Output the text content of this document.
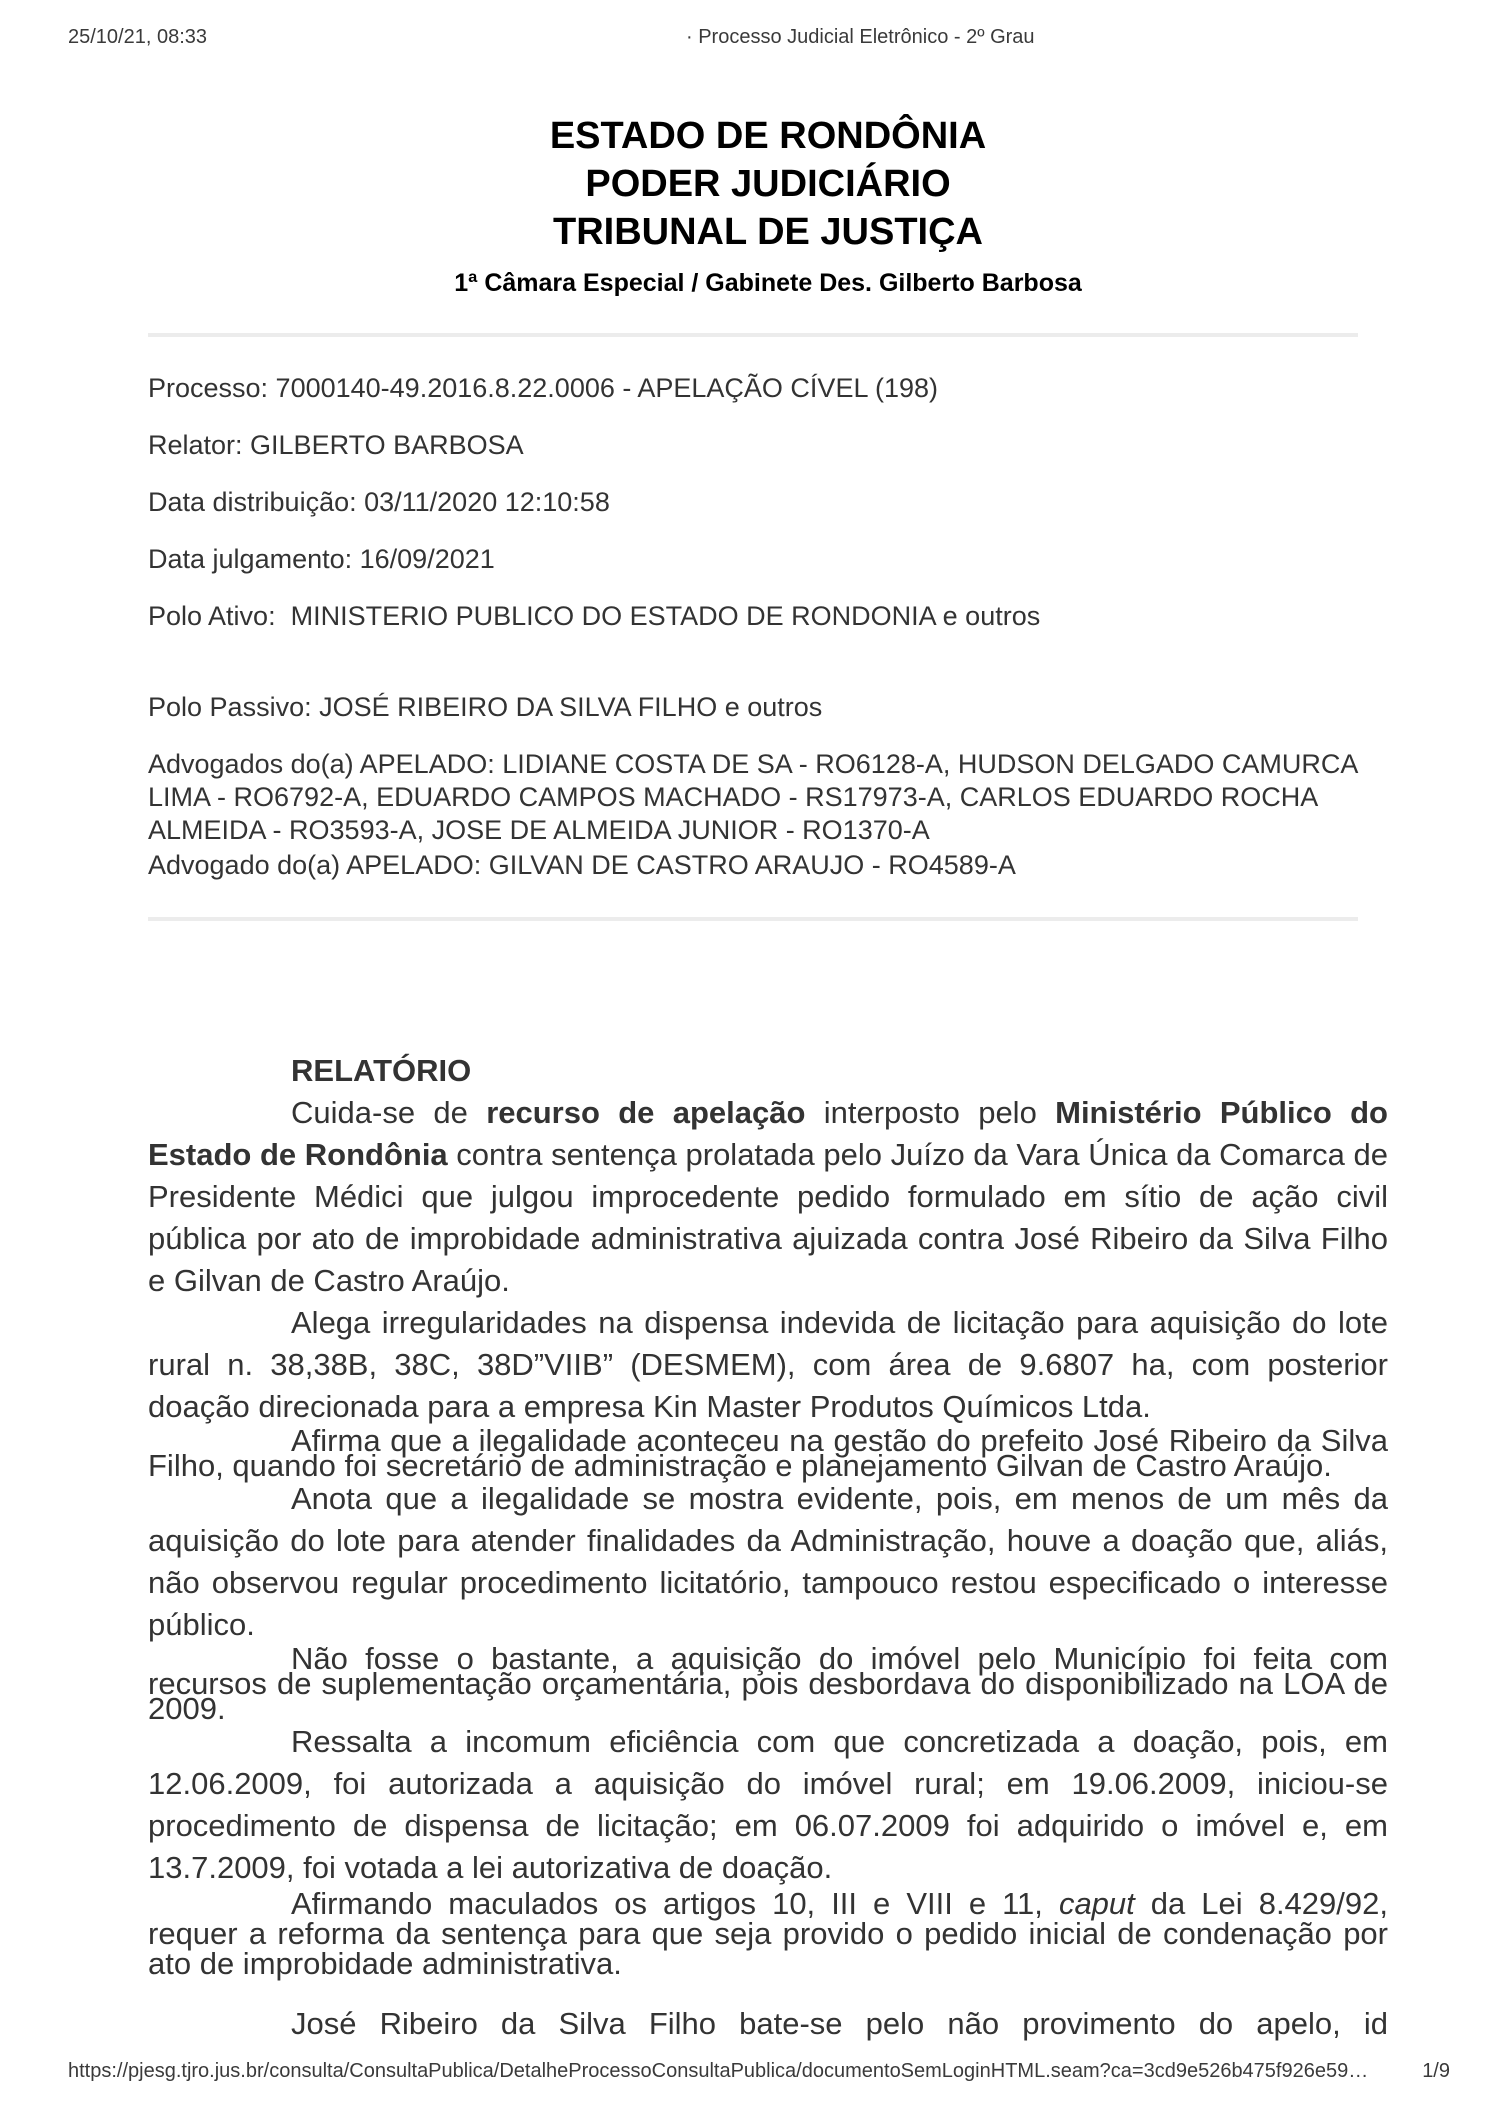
25/10/21, 08:33	· Processo Judicial Eletrônico - 2º Grau
ESTADO DE RONDÔNIA
PODER JUDICIÁRIO
TRIBUNAL DE JUSTIÇA
1ª Câmara Especial / Gabinete Des. Gilberto Barbosa

Processo: 7000140-49.2016.8.22.0006 - APELAÇÃO CÍVEL (198)

Relator: GILBERTO BARBOSA

Data distribuição: 03/11/2020 12:10:58

Data julgamento: 16/09/2021

Polo Ativo:  MINISTERIO PUBLICO DO ESTADO DE RONDONIA e outros

Polo Passivo: JOSÉ RIBEIRO DA SILVA FILHO e outros

Advogados do(a) APELADO: LIDIANE COSTA DE SA - RO6128-A, HUDSON DELGADO CAMURCA LIMA - RO6792-A, EDUARDO CAMPOS MACHADO - RS17973-A, CARLOS EDUARDO ROCHA ALMEIDA - RO3593-A, JOSE DE ALMEIDA JUNIOR - RO1370-A

Advogado do(a) APELADO: GILVAN DE CASTRO ARAUJO - RO4589-A

RELATÓRIO

Cuida-se de recurso de apelação interposto pelo Ministério Público do Estado de Rondônia contra sentença prolatada pelo Juízo da Vara Única da Comarca de Presidente Médici que julgou improcedente pedido formulado em sítio de ação civil pública por ato de improbidade administrativa ajuizada contra José Ribeiro da Silva Filho e Gilvan de Castro Araújo.

Alega irregularidades na dispensa indevida de licitação para aquisição do lote rural n. 38,38B, 38C, 38D”VIIB” (DESMEM), com área de 9.6807 ha, com posterior doação direcionada para a empresa Kin Master Produtos Químicos Ltda.

Afirma que a ilegalidade aconteceu na gestão do prefeito José Ribeiro da Silva Filho, quando foi secretário de administração e planejamento Gilvan de Castro Araújo.

Anota que a ilegalidade se mostra evidente, pois, em menos de um mês da aquisição do lote para atender finalidades da Administração, houve a doação que, aliás, não observou regular procedimento licitatório, tampouco restou especificado o interesse público.

Não fosse o bastante, a aquisição do imóvel pelo Município foi feita com recursos de suplementação orçamentária, pois desbordava do disponibilizado na LOA de 2009.

Ressalta a incomum eficiência com que concretizada a doação, pois, em 12.06.2009, foi autorizada a aquisição do imóvel rural; em 19.06.2009, iniciou-se procedimento de dispensa de licitação; em 06.07.2009 foi adquirido o imóvel e, em 13.7.2009, foi votada a lei autorizativa de doação.

Afirmando maculados os artigos 10, III e VIII e 11, caput da Lei 8.429/92, requer a reforma da sentença para que seja provido o pedido inicial de condenação por ato de improbidade administrativa.

José Ribeiro da Silva Filho bate-se pelo não provimento do apelo, id

https://pjesg.tjro.jus.br/consulta/ConsultaPublica/DetalheProcessoConsultaPublica/documentoSemLoginHTML.seam?ca=3cd9e526b475f926e59…	1/9
